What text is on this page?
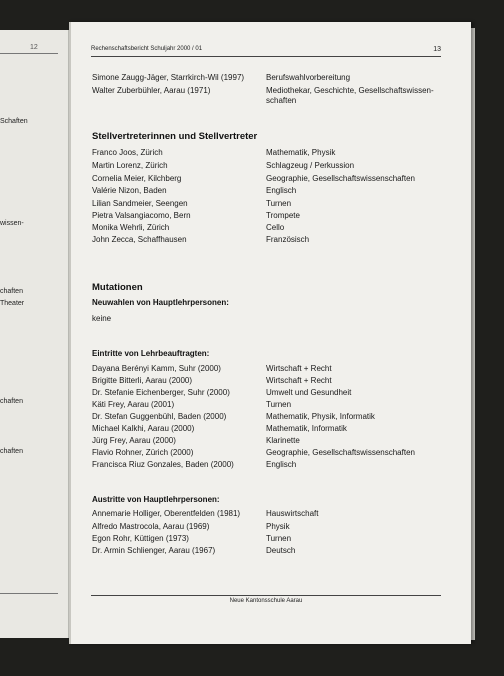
12
Schaften
wissen-
chaften
Theater
chaften
chaften
Rechenschaftsbericht Schuljahr 2000 / 01	13
Simone Zaugg-Jäger, Starrkirch-Wil (1997)	Berufswahlvorbereitung
Walter Zuberbühler, Aarau (1971)	Mediothekar, Geschichte, Gesellschaftswissen-
schaften
Stellvertreterinnen und Stellvertreter
Franco Joos, Zürich	Mathematik, Physik
Martin Lorenz, Zürich	Schlagzeug / Perkussion
Cornelia Meier, Kilchberg	Geographie, Gesellschaftswissenschaften
Valérie Nizon, Baden	Englisch
Lilian Sandmeier, Seengen	Turnen
Pietra Valsangiacomo, Bern	Trompete
Monika Wehrli, Zürich	Cello
John Zecca, Schaffhausen	Französisch
Mutationen
Neuwahlen von Hauptlehrpersonen:
keine
Eintritte von Lehrbeauftragten:
Dayana Berényi Kamm, Suhr (2000)	Wirtschaft + Recht
Brigitte Bitterli, Aarau (2000)	Wirtschaft + Recht
Dr. Stefanie Eichenberger, Suhr (2000)	Umwelt und Gesundheit
Käti Frey, Aarau (2001)	Turnen
Dr. Stefan Guggenbühl, Baden (2000)	Mathematik, Physik, Informatik
Michael Kalkhi, Aarau (2000)	Mathematik, Informatik
Jürg Frey, Aarau (2000)	Klarinette
Flavio Rohner, Zürich (2000)	Geographie, Gesellschaftswissenschaften
Francisca Riuz Gonzales, Baden (2000)	Englisch
Austritte von Hauptlehrpersonen:
Annemarie Holliger, Oberentfelden (1981)	Hauswirtschaft
Alfredo Mastrocola, Aarau (1969)	Physik
Egon Rohr, Küttigen (1973)	Turnen
Dr. Armin Schlienger, Aarau (1967)	Deutsch
Neue Kantonsschule Aarau
